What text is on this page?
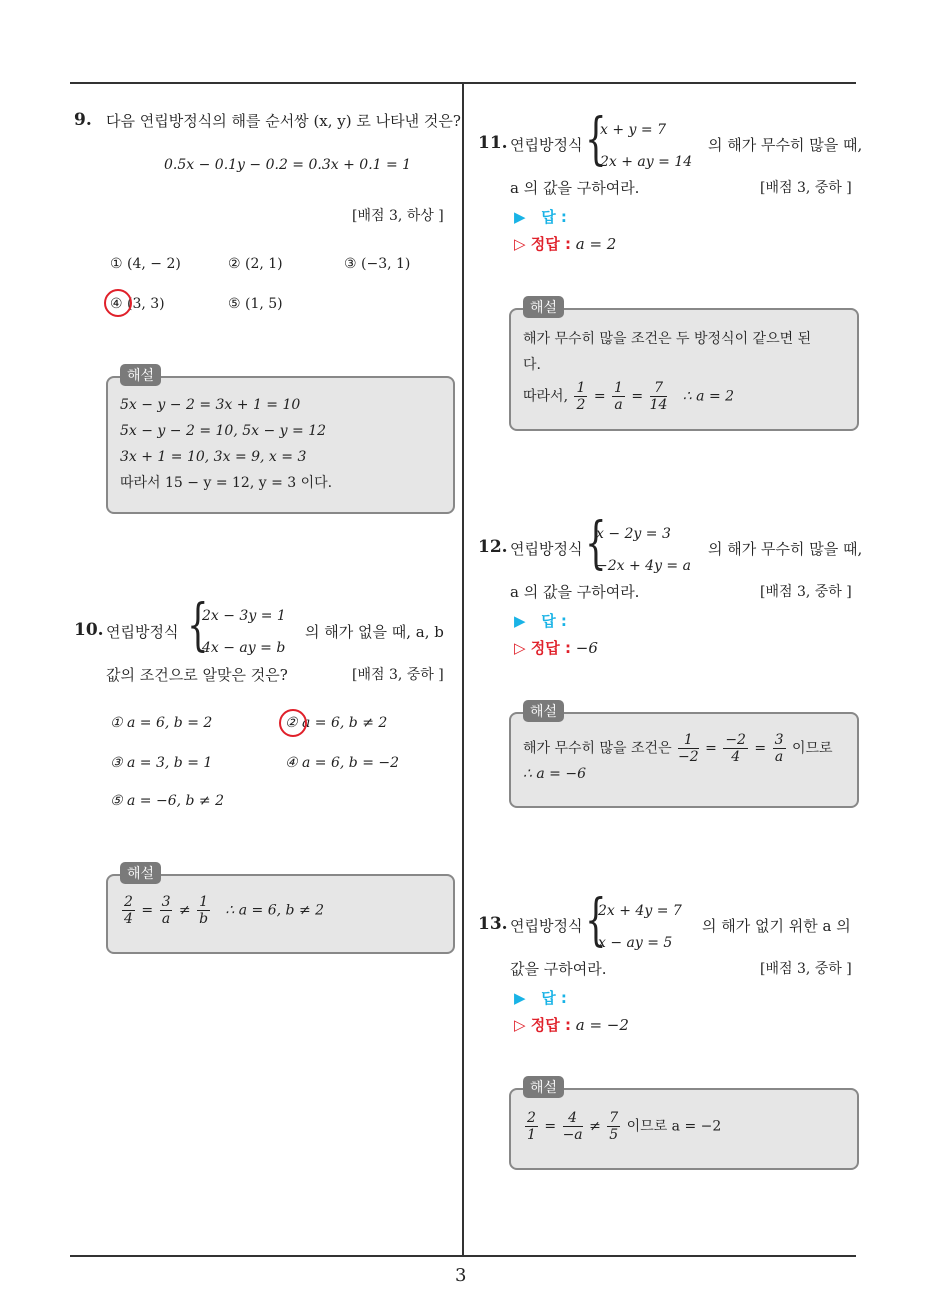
3
9. 다음 연립방정식의 해를 순서쌍 (x, y) 로 나타낸 것은?
0.5x − 0.1y − 0.2 = 0.3x + 0.1 = 1
[배점 3, 하상 ]
① (4, − 2)	② (2, 1)	③ (−3, 1)
④ (3, 3)	⑤ (1, 5)
해설
5x − y − 2 = 3x + 1 = 10
5x − y − 2 = 10, 5x − y = 12
3x + 1 = 10, 3x = 9, x = 3
따라서 15 − y = 12, y = 3 이다.
10. 연립방정식 {
2x − 3y = 1
4x − ay = b
의 해가 없을 때, a, b
값의 조건으로 알맞은 것은?	[배점 3, 중하 ]
① a = 6, b = 2	② a = 6, b ≠ 2
③ a = 3, b = 1	④ a = 6, b = −2
⑤ a = −6, b ≠ 2
해설
$\frac{2}{4} = \frac{3}{a} \ne \frac{1}{b}$ ∴ a = 6, b ≠ 2
11. 연립방정식 {
x + y = 7
2x + ay = 14
의 해가 무수히 많을 때,
a 의 값을 구하여라.	[배점 3, 중하 ]
▶   답 :
▷ 정답 : a = 2
해설
해가 무수히 많을 조건은 두 방정식이 같으면 된
다.
따라서, $\frac{1}{2} = \frac{1}{a} = \frac{7}{14}$ ∴ a = 2
12. 연립방정식 {
x − 2y = 3
−2x + 4y = a
의 해가 무수히 많을 때,
a 의 값을 구하여라.	[배점 3, 중하 ]
▶   답 :
▷ 정답 : −6
해설
해가 무수히 많을 조건은 $\frac{1}{-2} = \frac{-2}{4} = \frac{3}{a}$ 이므로
∴ a = −6
13. 연립방정식 {
2x + 4y = 7
x − ay = 5
의 해가 없기 위한 a 의
값을 구하여라.	[배점 3, 중하 ]
▶   답 :
▷ 정답 : a = −2
해설
$\frac{2}{1} = \frac{4}{-a} \ne \frac{7}{5}$ 이므로 a = −2
